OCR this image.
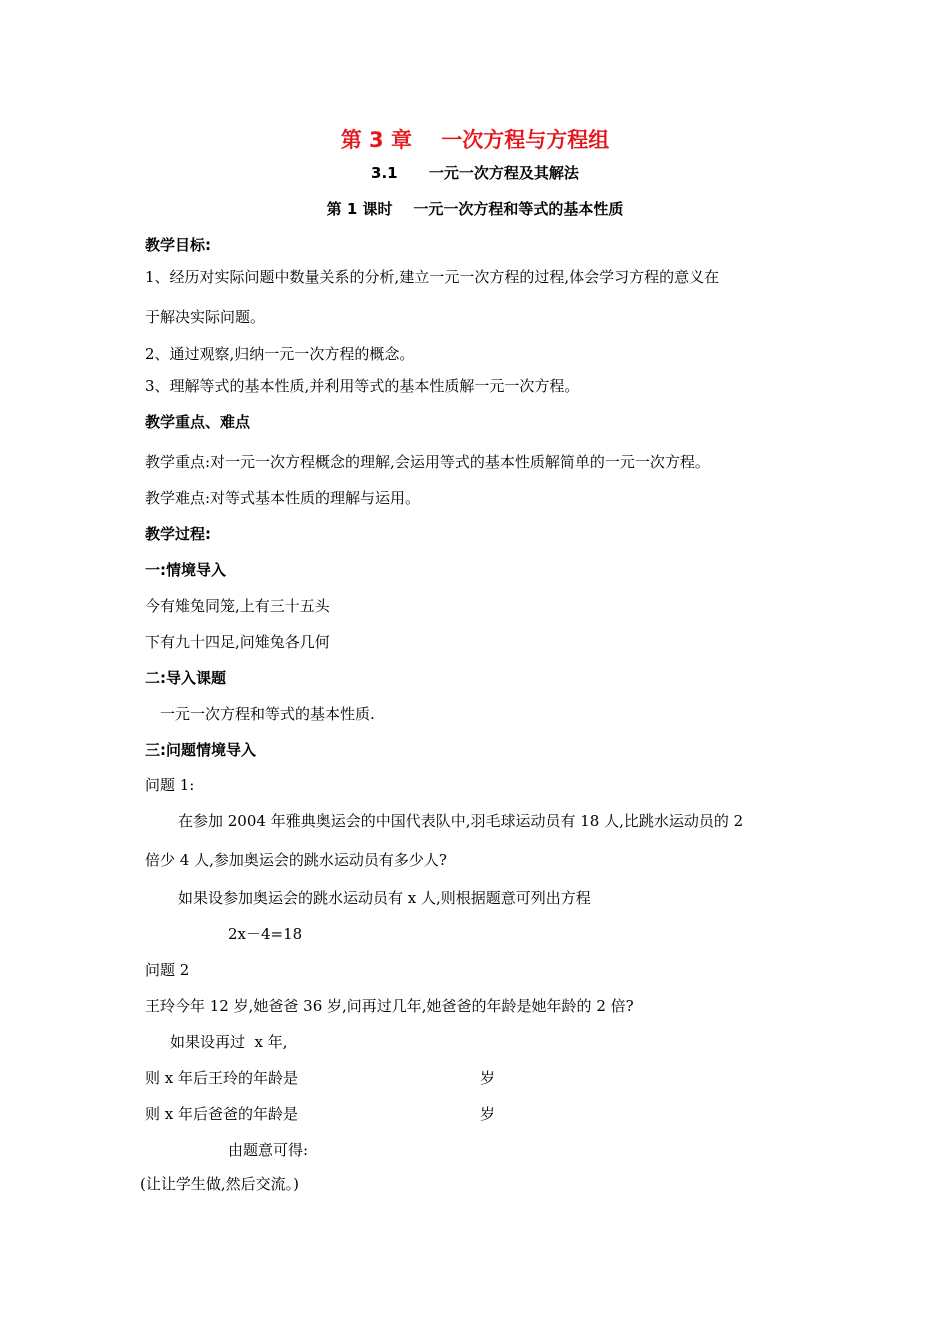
第 3 章    一次方程与方程组
3.1      一元一次方程及其解法
第 1 课时    一元一次方程和等式的基本性质
教学目标:
1、经历对实际问题中数量关系的分析,建立一元一次方程的过程,体会学习方程的意义在
于解决实际问题。
2、通过观察,归纳一元一次方程的概念。
3、理解等式的基本性质,并利用等式的基本性质解一元一次方程。
教学重点、难点
教学重点:对一元一次方程概念的理解,会运用等式的基本性质解简单的一元一次方程。
教学难点:对等式基本性质的理解与运用。
教学过程:
一:情境导入
今有雉兔同笼,上有三十五头
下有九十四足,问雉兔各几何
二:导入课题
一元一次方程和等式的基本性质.
三:问题情境导入
问题 1:
在参加 2004 年雅典奥运会的中国代表队中,羽毛球运动员有 18 人,比跳水运动员的 2
倍少 4 人,参加奥运会的跳水运动员有多少人?
如果设参加奥运会的跳水运动员有 x 人,则根据题意可列出方程
2x－4=18
问题 2
王玲今年 12 岁,她爸爸 36 岁,问再过几年,她爸爸的年龄是她年龄的 2 倍?
如果设再过  x 年,
则 x 年后王玲的年龄是	岁
则 x 年后爸爸的年龄是	岁
由题意可得:
(让让学生做,然后交流。)
